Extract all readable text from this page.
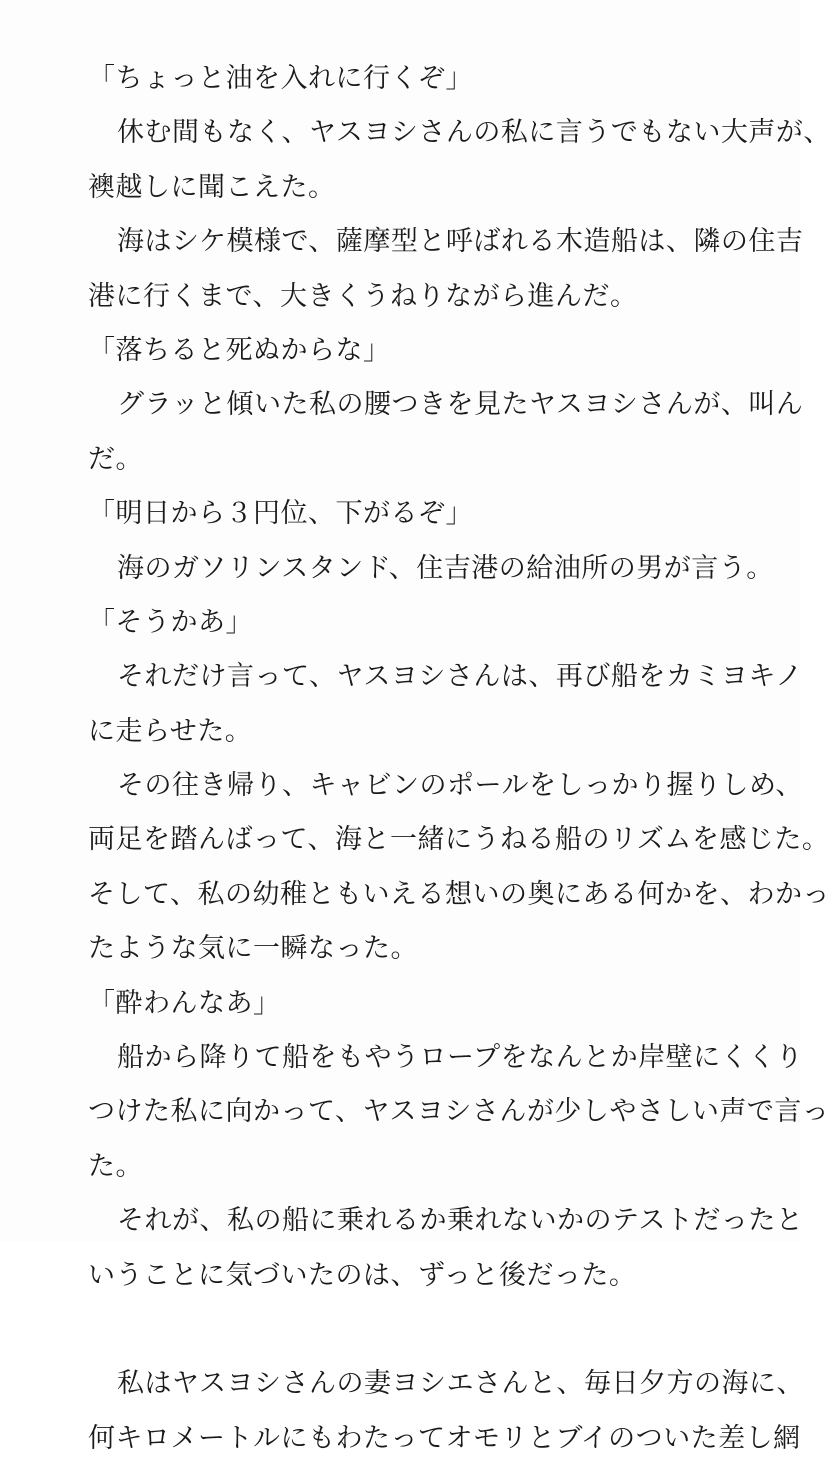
「ちょっと油を入れに行くぞ」
休む間もなく、ヤスヨシさんの私に言うでもない大声が、
襖越しに聞こえた。
海はシケ模様で、薩摩型と呼ばれる木造船は、隣の住吉
港に行くまで、大きくうねりながら進んだ。
「落ちると死ぬからな」
グラッと傾いた私の腰つきを見たヤスヨシさんが、叫ん
だ。
「明日から３円位、下がるぞ」
海のガソリンスタンド、住吉港の給油所の男が言う。
「そうかあ」
それだけ言って、ヤスヨシさんは、再び船をカミヨキノ
に走らせた。
その往き帰り、キャビンのポールをしっかり握りしめ、
両足を踏んばって、海と一緒にうねる船のリズムを感じた。
そして、私の幼稚ともいえる想いの奥にある何かを、わかっ
たような気に一瞬なった。
「酔わんなあ」
船から降りて船をもやうロープをなんとか岸壁にくくり
つけた私に向かって、ヤスヨシさんが少しやさしい声で言っ
た。
それが、私の船に乗れるか乗れないかのテストだったと
いうことに気づいたのは、ずっと後だった。
私はヤスヨシさんの妻ヨシエさんと、毎日夕方の海に、
何キロメートルにもわたってオモリとブイのついた差し網
